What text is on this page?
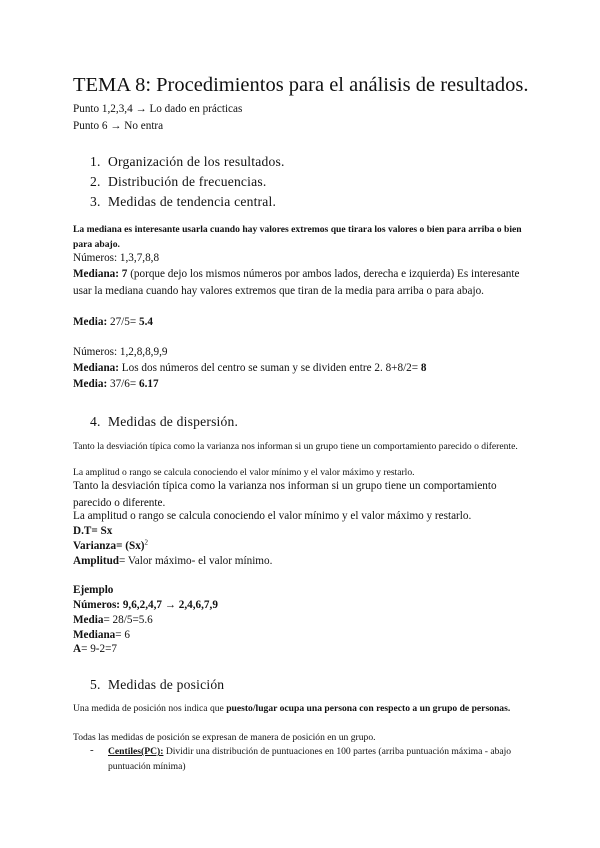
TEMA 8: Procedimientos para el análisis de resultados.
Punto 1,2,3,4 → Lo dado en prácticas
Punto 6 → No entra
1. Organización de los resultados.
2. Distribución de frecuencias.
3. Medidas de tendencia central.
La mediana es interesante usarla cuando hay valores extremos que tirara los valores o bien para arriba o bien para abajo.
Números: 1,3,7,8,8
Mediana: 7 (porque dejo los mismos números por ambos lados, derecha e izquierda) Es interesante usar la mediana cuando hay valores extremos que tiran de la media para arriba o para abajo.
Media: 27/5= 5.4
Números: 1,2,8,8,9,9
Mediana: Los dos números del centro se suman y se dividen entre 2. 8+8/2= 8
Media: 37/6= 6.17
4. Medidas de dispersión.
Tanto la desviación típica como la varianza nos informan si un grupo tiene un comportamiento parecido o diferente.
La amplitud o rango se calcula conociendo el valor mínimo y el valor máximo y restarlo.
Tanto la desviación típica como la varianza nos informan si un grupo tiene un comportamiento parecido o diferente.
La amplitud o rango se calcula conociendo el valor mínimo y el valor máximo y restarlo.
D.T= Sx
Varianza= $(Sx)^2$
Amplitud= Valor máximo- el valor mínimo.
Ejemplo
Números: 9,6,2,4,7 → 2,4,6,7,9
Media= 28/5=5.6
Mediana= 6
A= 9-2=7
5. Medidas de posición
Una medida de posición nos indica que puesto/lugar ocupa una persona con respecto a un grupo de personas.
Todas las medidas de posición se expresan de manera de posición en un grupo.
- Centiles(PC): Dividir una distribución de puntuaciones en 100 partes (arriba puntuación máxima - abajo puntuación mínima)
